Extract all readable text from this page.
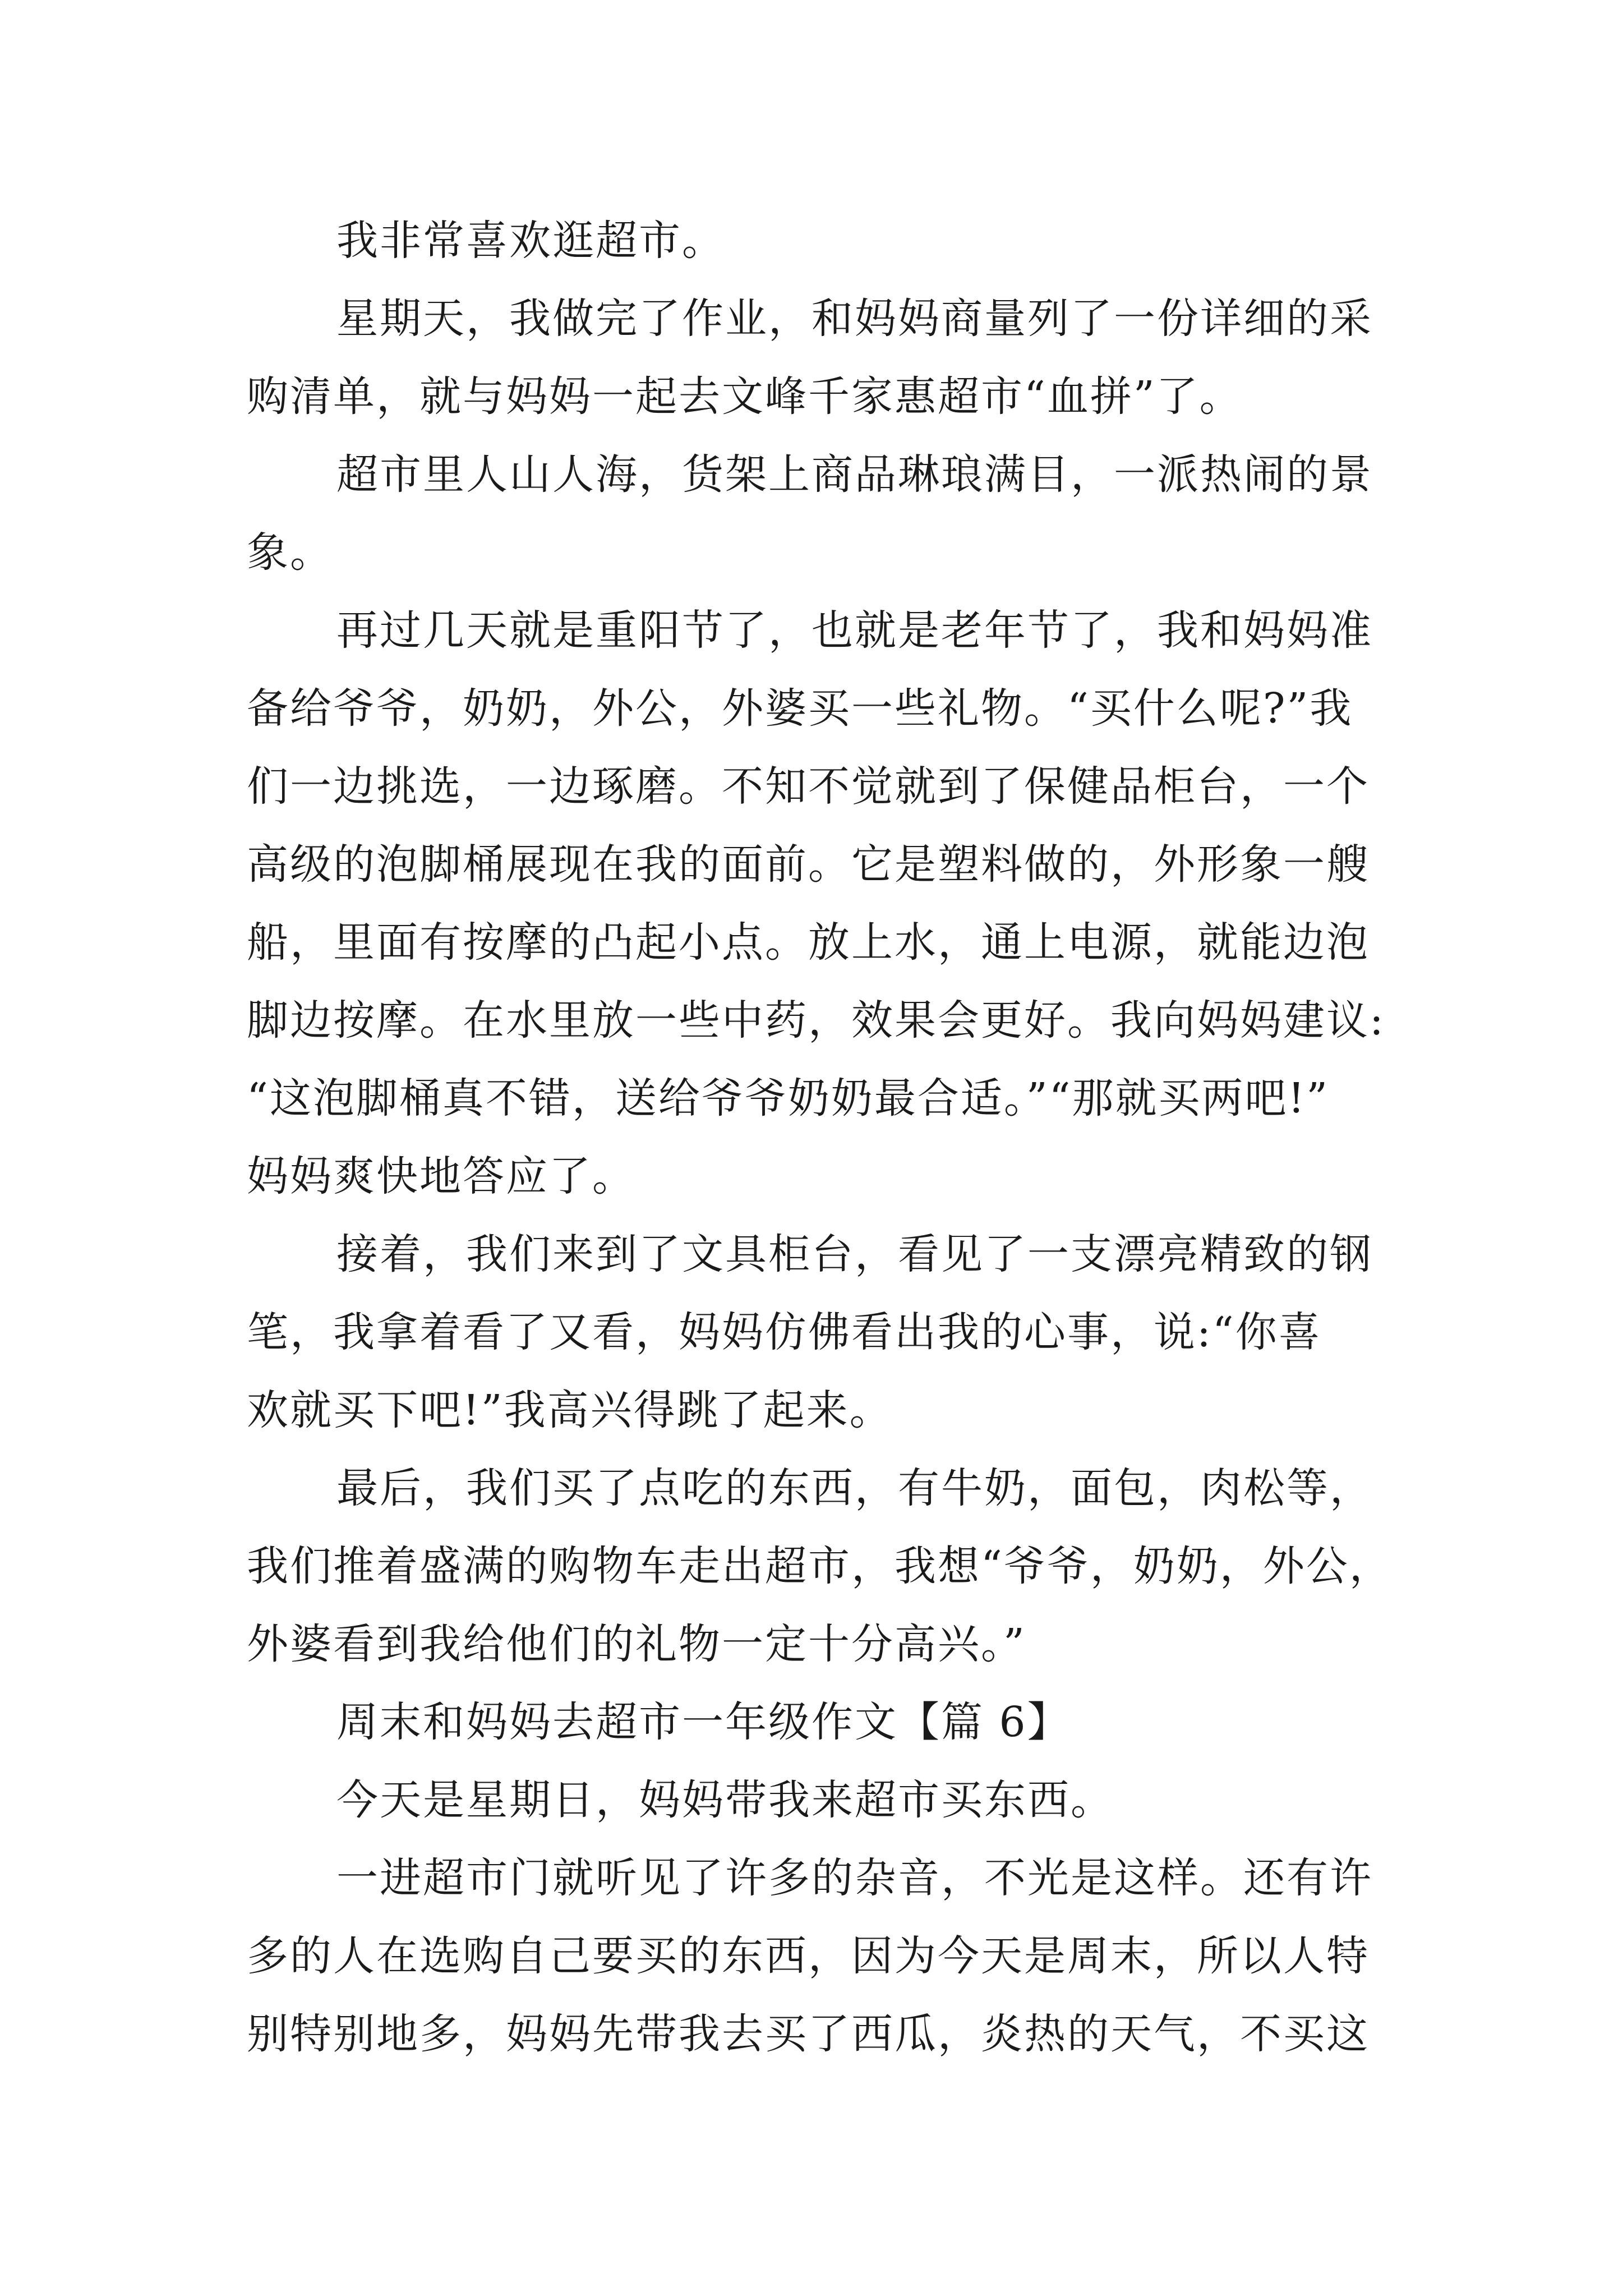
我非常喜欢逛超市。
星期天，我做完了作业，和妈妈商量列了一份详细的采
购清单，就与妈妈一起去文峰千家惠超市“血拼”了。
超市里人山人海，货架上商品琳琅满目，一派热闹的景
象。
再过几天就是重阳节了，也就是老年节了，我和妈妈准
备给爷爷，奶奶，外公，外婆买一些礼物。“买什么呢?”我
们一边挑选，一边琢磨。不知不觉就到了保健品柜台，一个
高级的泡脚桶展现在我的面前。它是塑料做的，外形象一艘
船，里面有按摩的凸起小点。放上水，通上电源，就能边泡
脚边按摩。在水里放一些中药，效果会更好。我向妈妈建议:
“这泡脚桶真不错，送给爷爷奶奶最合适。”“那就买两吧!”
妈妈爽快地答应了。
接着，我们来到了文具柜台，看见了一支漂亮精致的钢
笔，我拿着看了又看，妈妈仿佛看出我的心事，说:“你喜
欢就买下吧!”我高兴得跳了起来。
最后，我们买了点吃的东西，有牛奶，面包，肉松等，
我们推着盛满的购物车走出超市，我想“爷爷，奶奶，外公，
外婆看到我给他们的礼物一定十分高兴。”
周末和妈妈去超市一年级作文【篇 6】
今天是星期日，妈妈带我来超市买东西。
一进超市门就听见了许多的杂音，不光是这样。还有许
多的人在选购自己要买的东西，因为今天是周末，所以人特
别特别地多，妈妈先带我去买了西瓜，炎热的天气，不买这
